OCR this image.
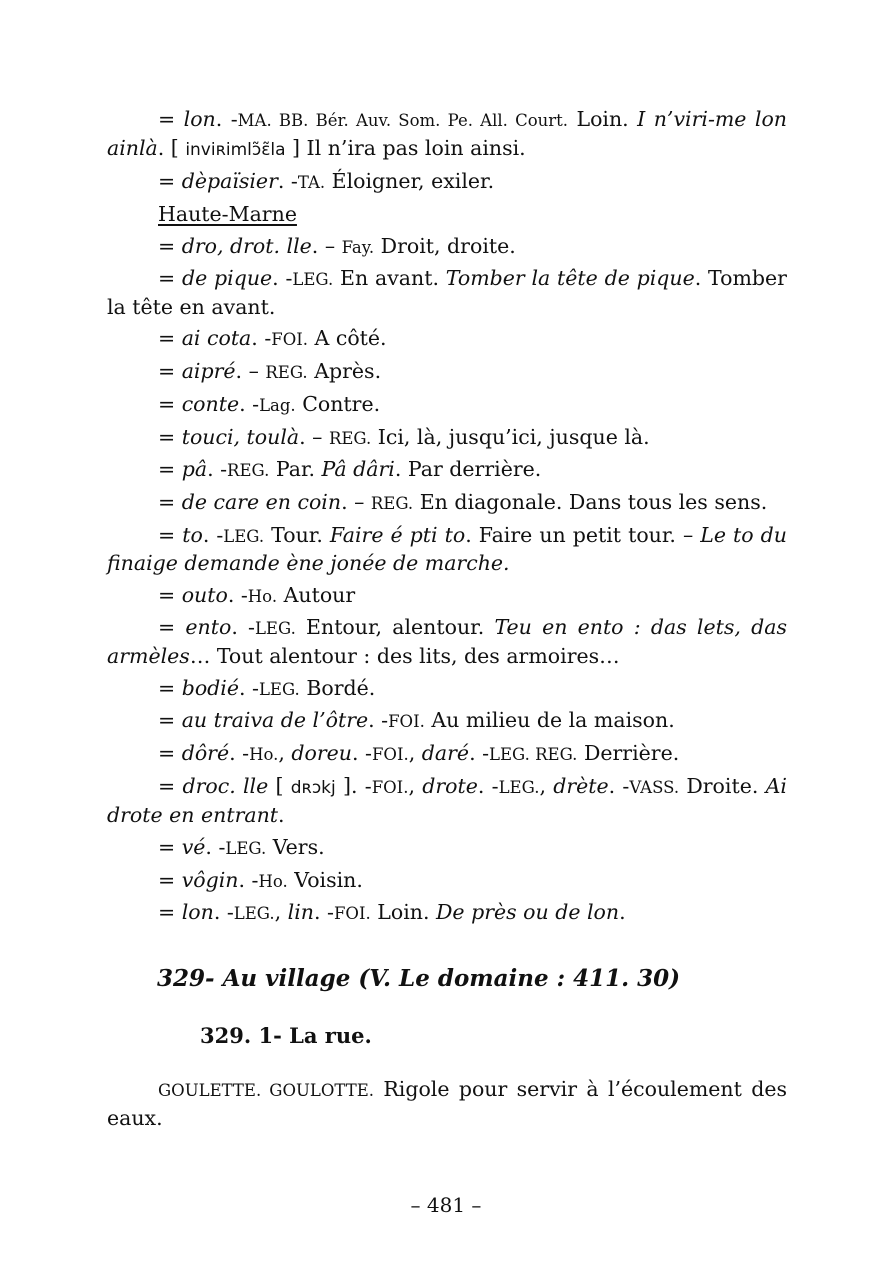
= lon. -MA. BB. Bér. Auv. Som. Pe. All. Court. Loin. I n’viri-me lon ainlà. [ inviʀimlɔ̃ɛ̃la ] Il n’ira pas loin ainsi.

= dèpaïsier. -TA. Éloigner, exiler.

Haute-Marne

= dro, drot. lle. – Fay. Droit, droite.

= de pique. -LEG. En avant. Tomber la tête de pique. Tomber la tête en avant.

= ai cota. -FOI. A côté.

= aipré. – REG. Après.

= conte. -Lag. Contre.

= touci, toulà. – REG. Ici, là, jusqu’ici, jusque là.

= pâ. -REG. Par. Pâ dâri. Par derrière.

= de care en coin. – REG. En diagonale. Dans tous les sens.

= to. -LEG. Tour. Faire é pti to. Faire un petit tour. – Le to du finaige demande ène jonée de marche.

= outo. -Ho. Autour

= ento. -LEG. Entour, alentour. Teu en ento : das lets, das armèles… Tout alentour : des lits, des armoires…

= bodié. -LEG. Bordé.

= au traiva de l’ôtre. -FOI. Au milieu de la maison.

= dôré. -Ho., doreu. -FOI., daré. -LEG. REG. Derrière.

= droc. lle [ dʀɔkj ]. -FOI., drote. -LEG., drète. -VASS. Droite. Ai drote en entrant.

= vé. -LEG. Vers.

= vôgin. -Ho. Voisin.

= lon. -LEG., lin. -FOI. Loin. De près ou de lon.

329- Au village (V. Le domaine : 411. 30)
329. 1- La rue.

GOULETTE. GOULOTTE. Rigole pour servir à l’écoulement des eaux.

– 481 –
